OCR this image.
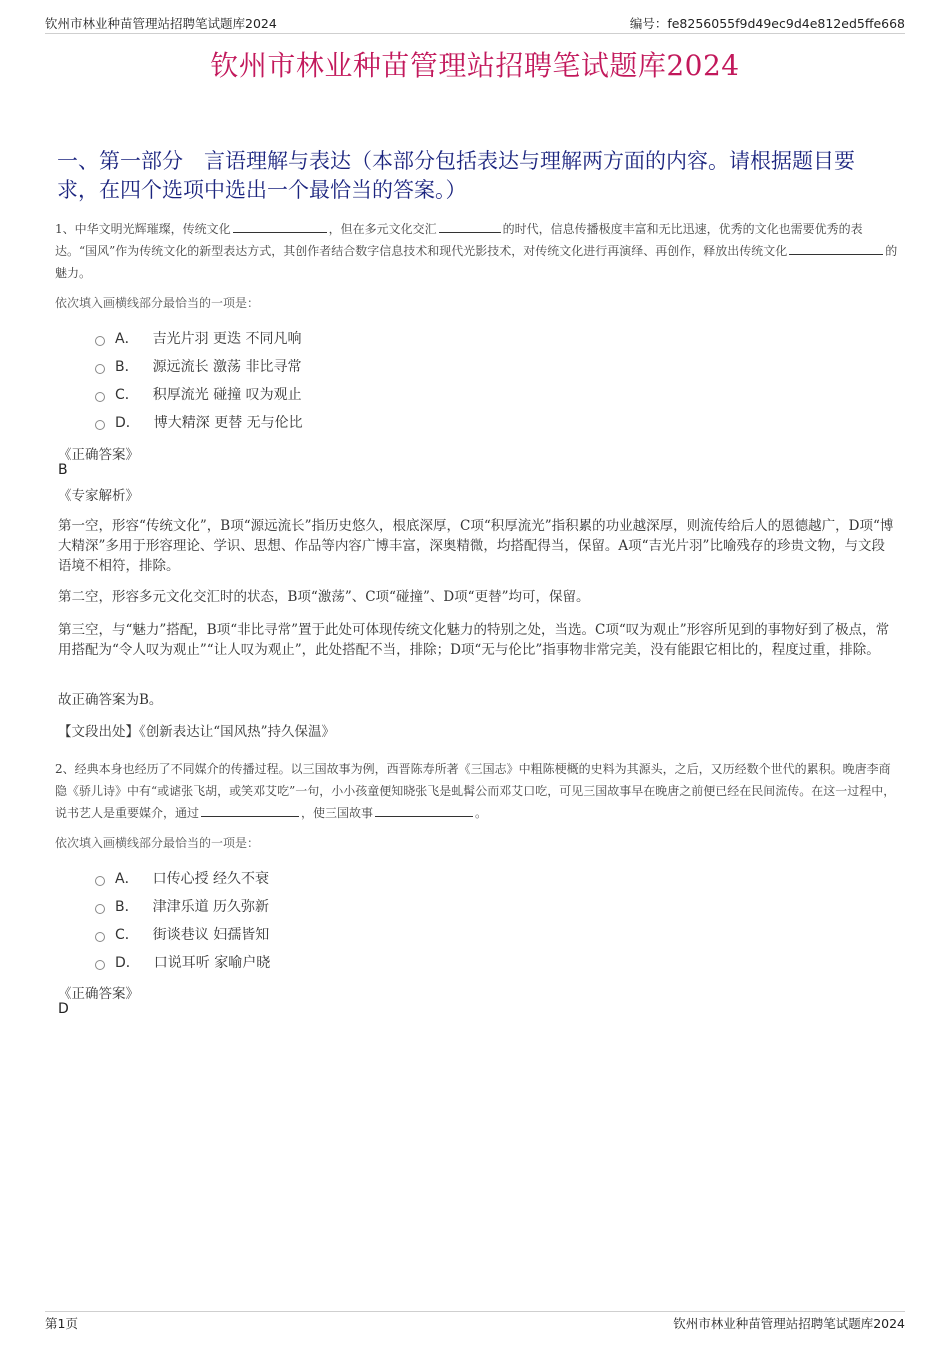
钦州市林业种苗管理站招聘笔试题库2024	编号：fe8256055f9d49ec9d4e812ed5ffe668
钦州市林业种苗管理站招聘笔试题库2024
一、第一部分　言语理解与表达（本部分包括表达与理解两方面的内容。请根据题目要求，在四个选项中选出一个最恰当的答案。）
1、中华文明光辉璀璨，传统文化	，但在多元文化交汇	的时代，信息传播极度丰富和无比迅速，优秀的文化也需要优秀的表达。“国风”作为传统文化的新型表达方式，其创作者结合数字信息技术和现代光影技术，对传统文化进行再演绎、再创作，释放出传统文化	的魅力。
依次填入画横线部分最恰当的一项是：
A． 吉光片羽 更迭 不同凡响
B． 源远流长 激荡 非比寻常
C． 积厚流光 碰撞 叹为观止
D． 博大精深 更替 无与伦比
《正确答案》
B
《专家解析》
第一空，形容“传统文化”，B项“源远流长”指历史悠久，根底深厚，C项“积厚流光”指积累的功业越深厚，则流传给后人的恩德越广，D项“博大精深”多用于形容理论、学识、思想、作品等内容广博丰富，深奥精微，均搭配得当，保留。A项“吉光片羽”比喻残存的珍贵文物，与文段语境不相符，排除。
第二空，形容多元文化交汇时的状态，B项“激荡”、C项“碰撞”、D项“更替”均可，保留。
第三空，与“魅力”搭配，B项“非比寻常”置于此处可体现传统文化魅力的特别之处，当选。C项“叹为观止”形容所见到的事物好到了极点，常用搭配为“令人叹为观止”“让人叹为观止”，此处搭配不当，排除；D项“无与伦比”指事物非常完美，没有能跟它相比的，程度过重，排除。
故正确答案为B。
【文段出处】《创新表达让“国风热”持久保温》
2、经典本身也经历了不同媒介的传播过程。以三国故事为例，西晋陈寿所著《三国志》中粗陈梗概的史料为其源头，之后，又历经数个世代的累积。晚唐李商隐《骄儿诗》中有“或谑张飞胡，或笑邓艾吃”一句，小小孩童便知晓张飞是虬髯公而邓艾口吃，可见三国故事早在晚唐之前便已经在民间流传。在这一过程中，说书艺人是重要媒介，通过	，使三国故事	。
依次填入画横线部分最恰当的一项是：
A． 口传心授 经久不衰
B． 津津乐道 历久弥新
C． 街谈巷议 妇孺皆知
D． 口说耳听 家喻户晓
《正确答案》
D
第1页	钦州市林业种苗管理站招聘笔试题库2024
